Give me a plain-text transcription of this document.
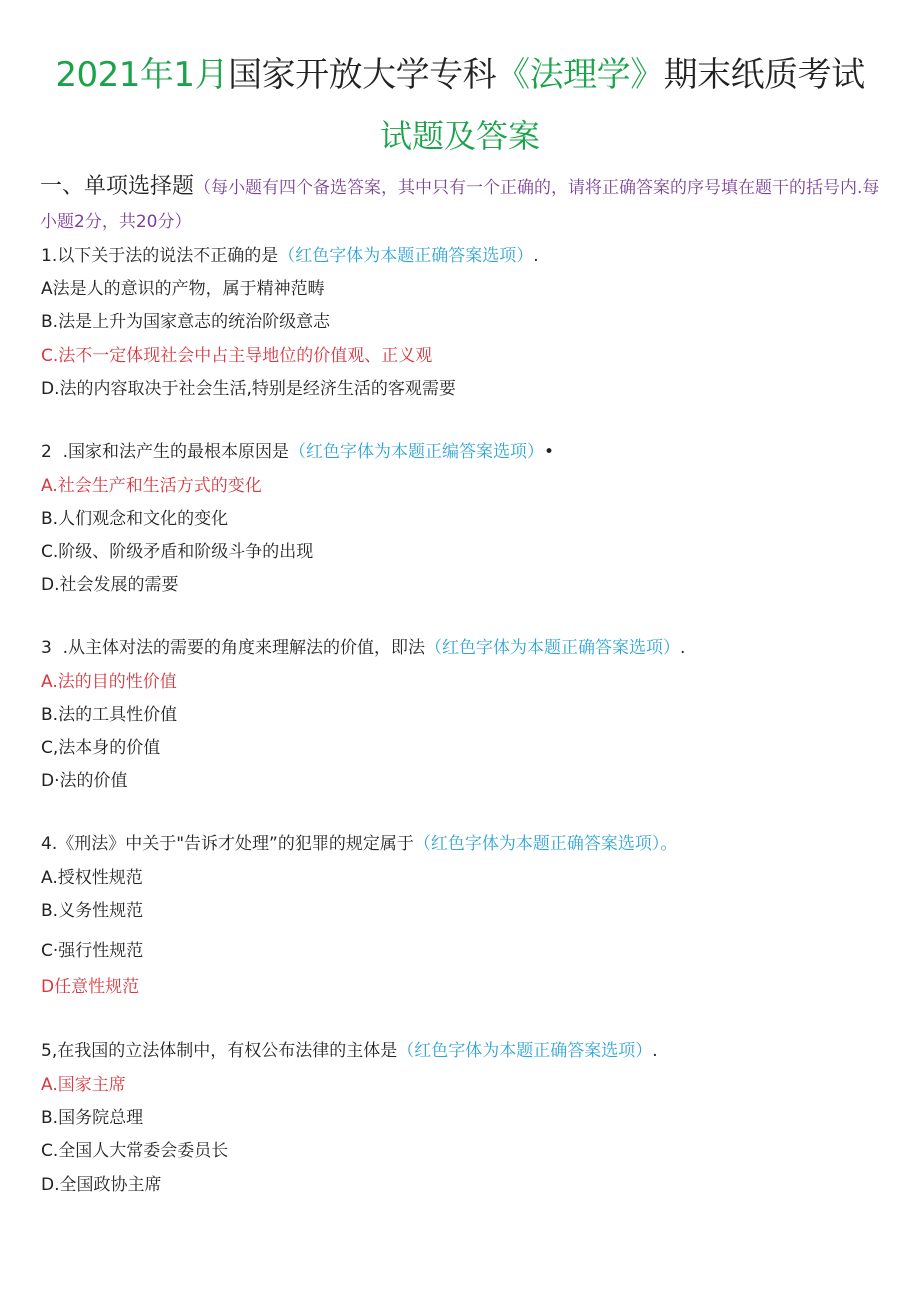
2021年1月国家开放大学专科《法理学》期末纸质考试
试题及答案
一、单项选择题（每小题有四个备选答案，其中只有一个正确的，请将正确答案的序号填在题干的括号内.每小题2分，共20分）
1.以下关于法的说法不正确的是（红色字体为本题正确答案选项）.
A法是人的意识的产物，属于精神范畴
B.法是上升为国家意志的统治阶级意志
C.法不一定体现社会中占主导地位的价值观、正义观
D.法的内容取决于社会生活,特别是经济生活的客观需要
2  .国家和法产生的最根本原因是（红色字体为本题正编答案选项）•
A.社会生产和生活方式的变化
B.人们观念和文化的变化
C.阶级、阶级矛盾和阶级斗争的出现
D.社会发展的需要
3  .从主体对法的需要的角度来理解法的价值，即法（红色字体为本题正确答案选项）.
A.法的目的性价值
B.法的工具性价值
C,法本身的价值
D·法的价值
4.《刑法》中关于"告诉才处理”的犯罪的规定属于（红色字体为本题正确答案选项）。
A.授权性规范
B.义务性规范
C·强行性规范
D任意性规范
5,在我国的立法体制中，有权公布法律的主体是（红色字体为本题正确答案选项）.
A.国家主席
B.国务院总理
C.全国人大常委会委员长
D.全国政协主席
